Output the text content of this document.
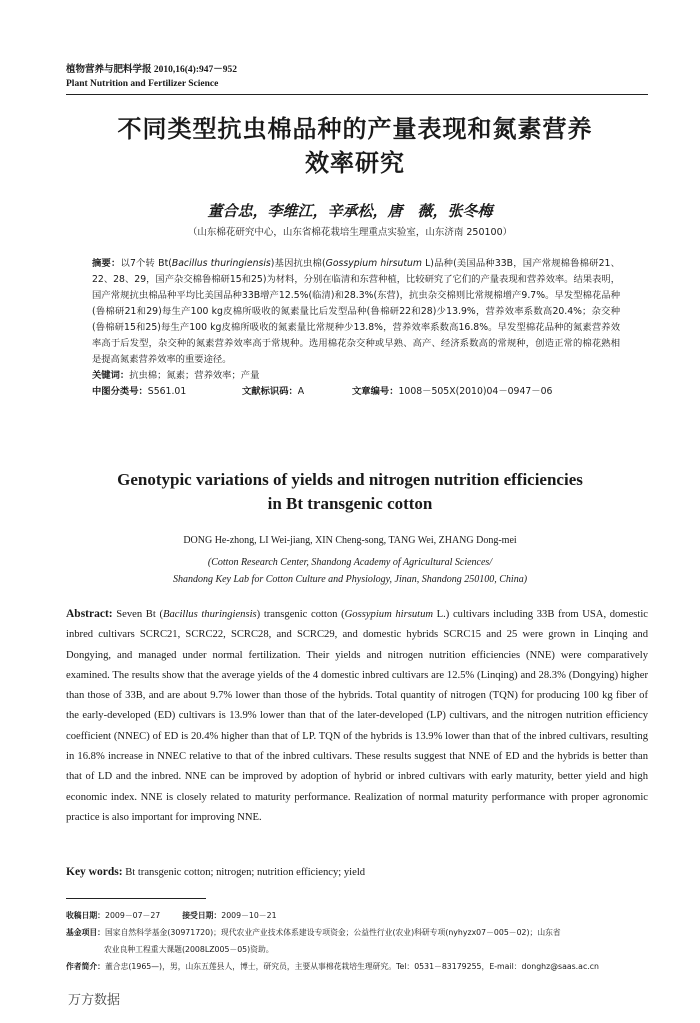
植物营养与肥料学报 2010,16(4):947－952
Plant Nutrition and Fertilizer Science
不同类型抗虫棉品种的产量表现和氮素营养
效率研究
董合忠，李维江，辛承松，唐　薇，张冬梅
（山东棉花研究中心，山东省棉花栽培生理重点实验室，山东济南 250100）
摘要：以7个转 Bt(Bacillus thuringiensis)基因抗虫棉(Gossypium hirsutum L)品种(美国品种33B，国产常规棉鲁棉研21、22、28、29，国产杂交棉鲁棉研15和25)为材料，分别在临清和东营种植，比较研究了它们的产量表现和营养效率。结果表明，国产常规抗虫棉品种平均比美国品种33B增产12.5%(临清)和28.3%(东营)，抗虫杂交棉则比常规棉增产9.7%。早发型棉花品种(鲁棉研21和29)每生产100 kg皮棉所吸收的氮素量比后发型品种(鲁棉研22和28)少13.9%，营养效率系数高20.4%；杂交种(鲁棉研15和25)每生产100 kg皮棉所吸收的氮素量比常规种少13.8%，营养效率系数高16.8%。早发型棉花品种的氮素营养效率高于后发型，杂交种的氮素营养效率高于常规种。选用棉花杂交种或早熟、高产、经济系数高的常规种，创造正常的棉花熟相是提高氮素营养效率的重要途径。
关键词：抗虫棉；氮素；营养效率；产量
中图分类号：S561.01	文献标识码：A	文章编号：1008－505X(2010)04－0947－06
Genotypic variations of yields and nitrogen nutrition efficiencies
in Bt transgenic cotton
DONG He-zhong, LI Wei-jiang, XIN Cheng-song, TANG Wei, ZHANG Dong-mei
(Cotton Research Center, Shandong Academy of Agricultural Sciences/
Shandong Key Lab for Cotton Culture and Physiology, Jinan, Shandong 250100, China)
Abstract: Seven Bt (Bacillus thuringiensis) transgenic cotton (Gossypium hirsutum L.) cultivars including 33B from USA, domestic inbred cultivars SCRC21, SCRC22, SCRC28, and SCRC29, and domestic hybrids SCRC15 and 25 were grown in Linqing and Dongying, and managed under normal fertilization. Their yields and nitrogen nutrition efficiencies (NNE) were comparatively examined. The results show that the average yields of the 4 domestic inbred cultivars are 12.5% (Linqing) and 28.3% (Dongying) higher than those of 33B, and are about 9.7% lower than those of the hybrids. Total quantity of nitrogen (TQN) for producing 100 kg fiber of the early-developed (ED) cultivars is 13.9% lower than that of the later-developed (LP) cultivars, and the nitrogen nutrition efficiency coefficient (NNEC) of ED is 20.4% higher than that of LP. TQN of the hybrids is 13.9% lower than that of the inbred cultivars, resulting in 16.8% increase in NNEC relative to that of the inbred cultivars. These results suggest that NNE of ED and the hybrids is better than that of LD and the inbred. NNE can be improved by adoption of hybrid or inbred cultivars with early maturity, better yield and high economic index. NNE is closely related to maturity performance. Realization of normal maturity performance with proper agronomic practice is also important for improving NNE.
Key words: Bt transgenic cotton; nitrogen; nutrition efficiency; yield
收稿日期：2009－07－27	接受日期：2009－10－21
基金项目：国家自然科学基金(30971720)；现代农业产业技术体系建设专项资金；公益性行业(农业)科研专项(nyhyzx07－005－02)；山东省
农业良种工程重大课题(2008LZ005－05)资助。
作者简介：董合忠(1965—)，男，山东五莲县人，博士，研究员，主要从事棉花栽培生理研究。Tel：0531－83179255，E-mail：donghz@saas.ac.cn
万方数据
